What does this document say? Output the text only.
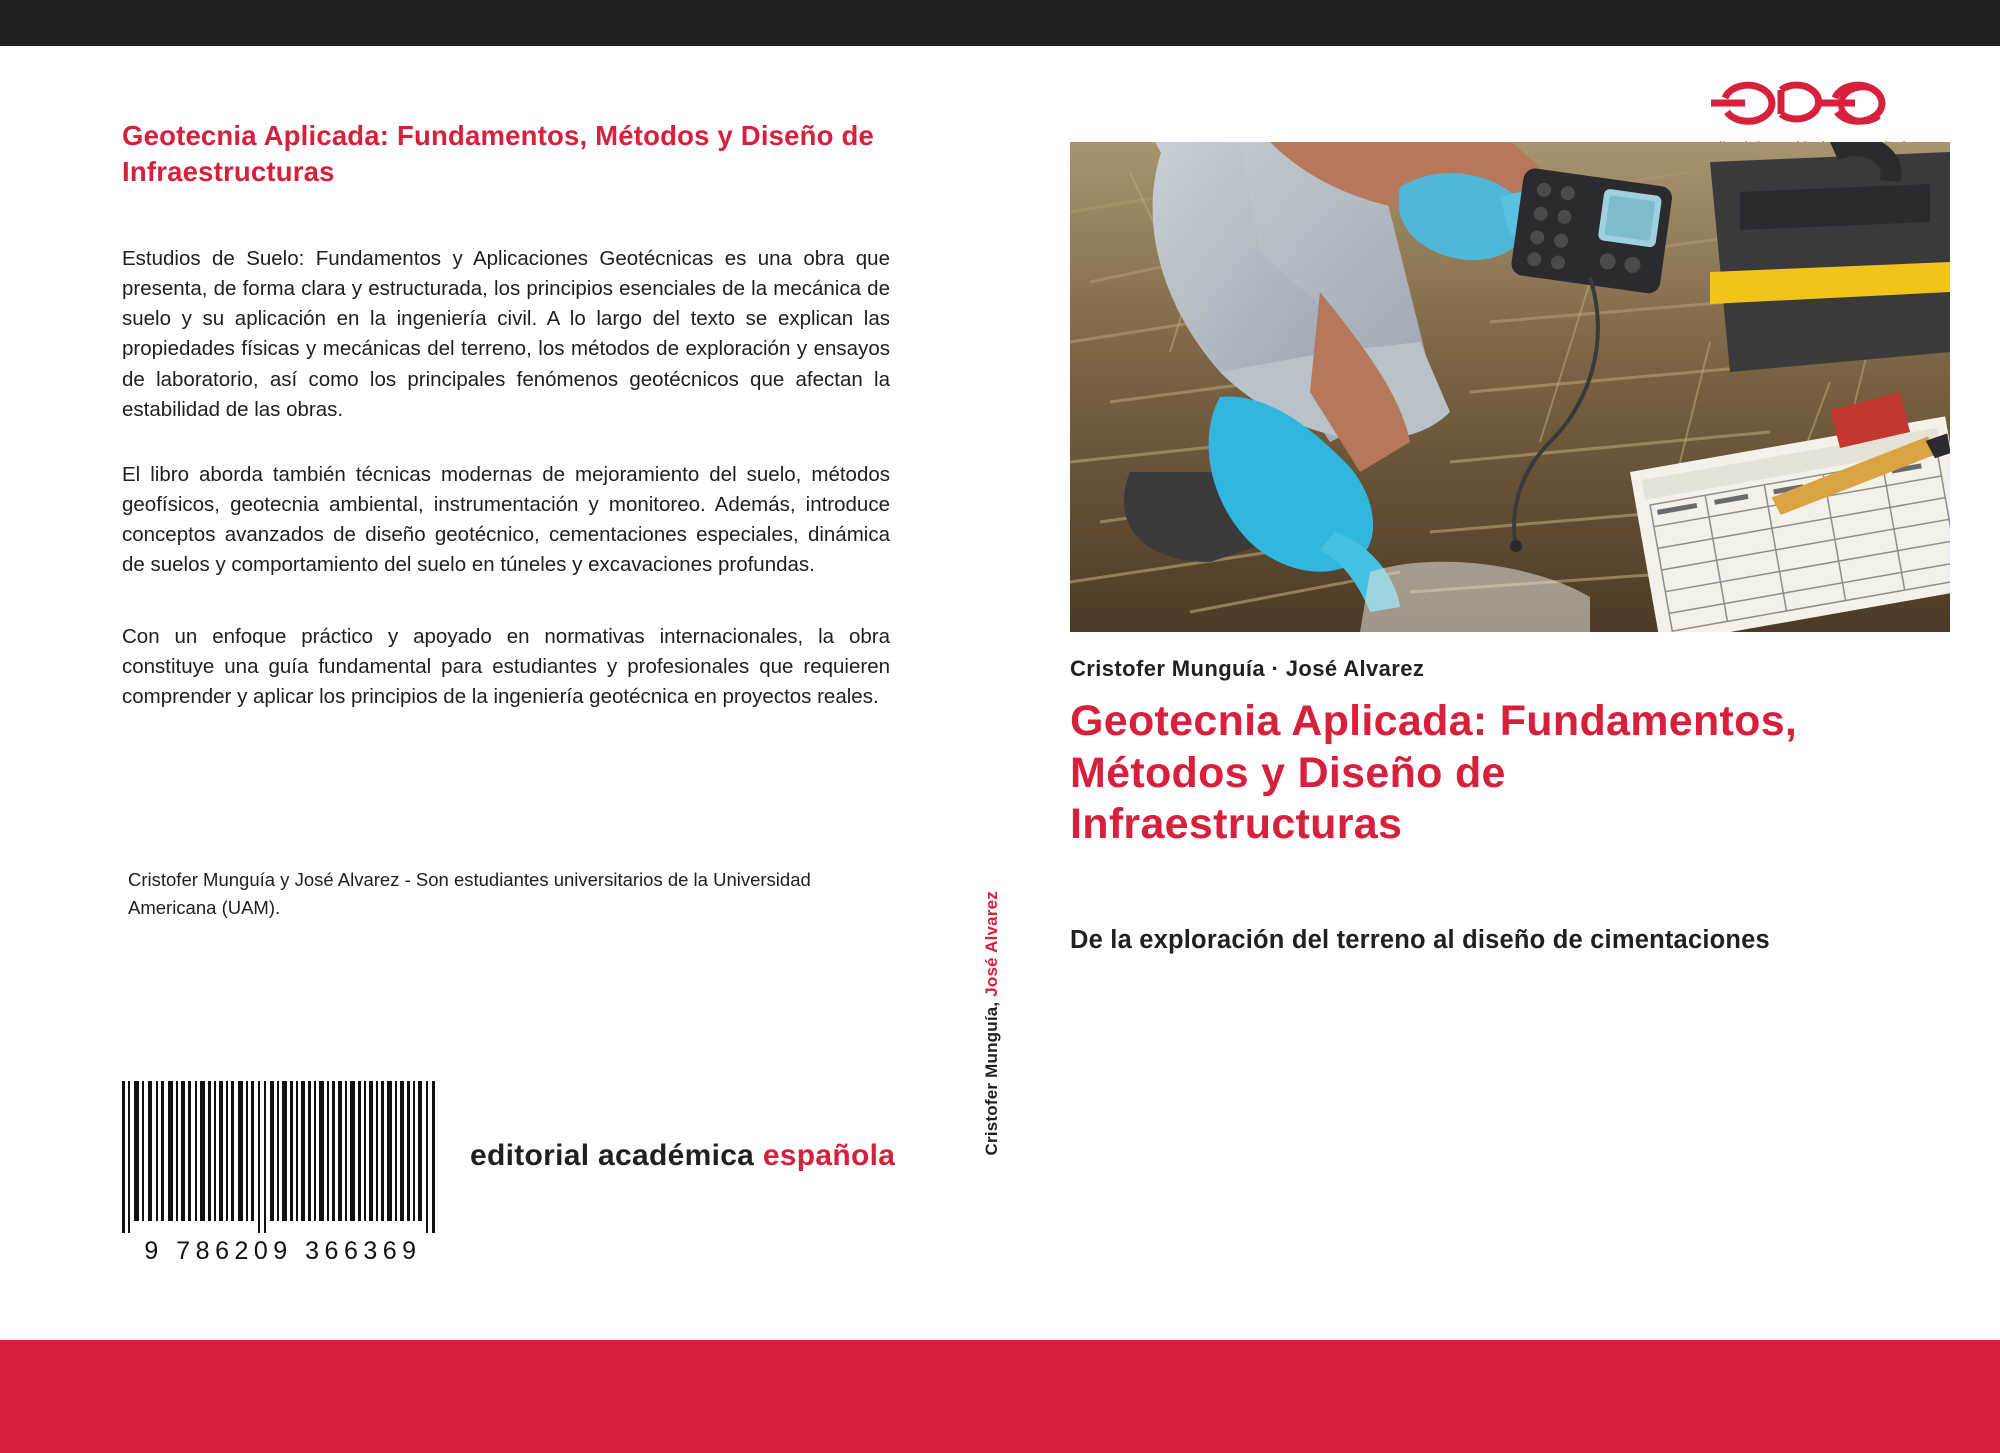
Geotecnia Aplicada: Fundamentos, Métodos y Diseño de Infraestructuras
Estudios de Suelo: Fundamentos y Aplicaciones Geotécnicas es una obra que presenta, de forma clara y estructurada, los principios esenciales de la mecánica de suelo y su aplicación en la ingeniería civil. A lo largo del texto se explican las propiedades físicas y mecánicas del terreno, los métodos de exploración y ensayos de laboratorio, así como los principales fenómenos geotécnicos que afectan la estabilidad de las obras.
El libro aborda también técnicas modernas de mejoramiento del suelo, métodos geofísicos, geotecnia ambiental, instrumentación y monitoreo. Además, introduce conceptos avanzados de diseño geotécnico, cementaciones especiales, dinámica de suelos y comportamiento del suelo en túneles y excavaciones profundas.
Con un enfoque práctico y apoyado en normativas internacionales, la obra constituye una guía fundamental para estudiantes y profesionales que requieren comprender y aplicar los principios de la ingeniería geotécnica en proyectos reales.
Cristofer Munguía y José Alvarez - Son estudiantes universitarios de la Universidad Americana (UAM).
9 786209 366369
editorial académica española
Cristofer Munguía, José Alvarez
Cristofer Munguía · José Alvarez
Geotecnia Aplicada: Fundamentos, Métodos y Diseño de Infraestructuras
De la exploración del terreno al diseño de cimentaciones
